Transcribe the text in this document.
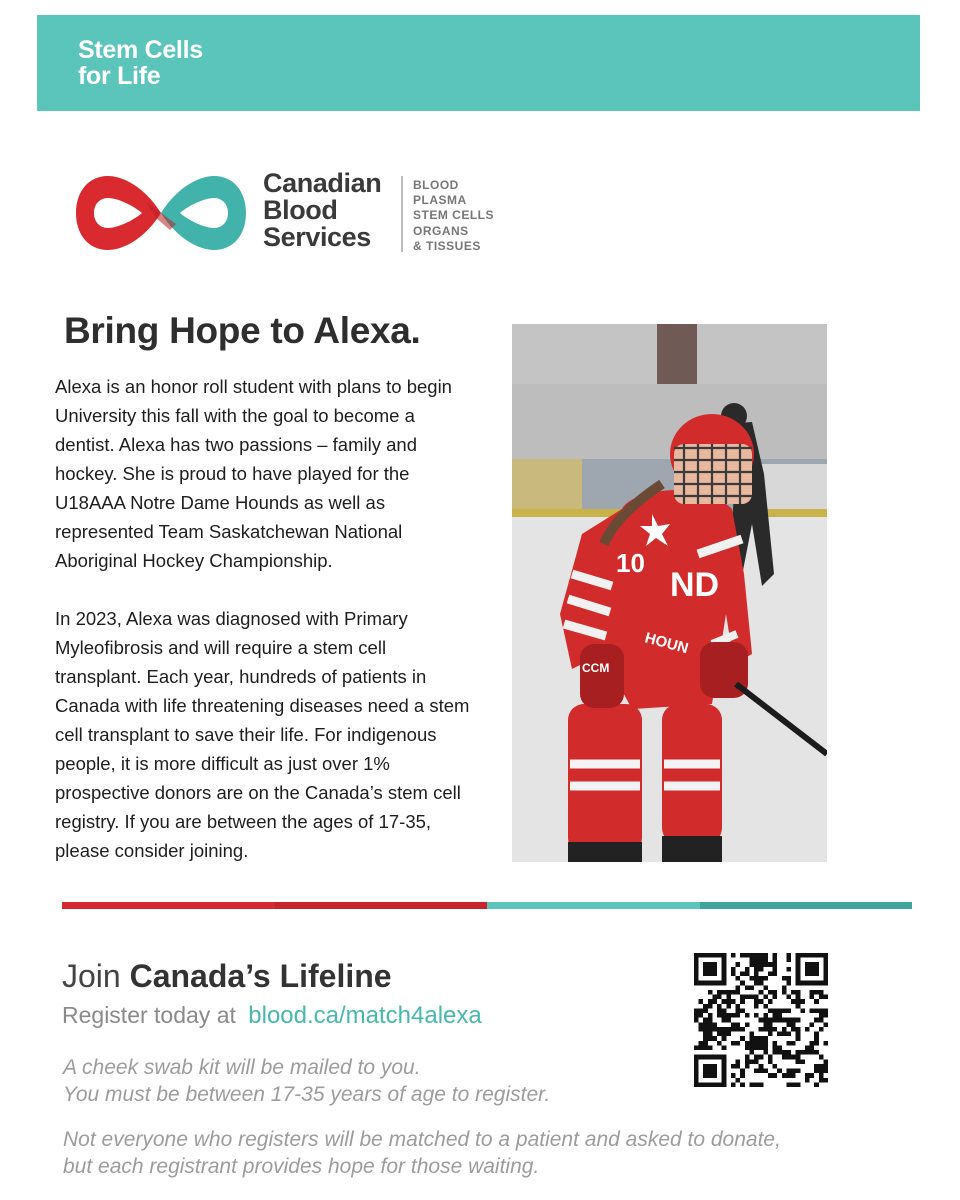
Stem Cells
for Life
Canadian
Blood
Services
BLOOD
PLASMA
STEM CELLS
ORGANS
& TISSUES
Bring Hope to Alexa.

Alexa is an honor roll student with plans to begin University this fall with the goal to become a dentist. Alexa has two passions – family and hockey. She is proud to have played for the U18AAA Notre Dame Hounds as well as represented Team Saskatchewan National Aboriginal Hockey Championship.

In 2023, Alexa was diagnosed with Primary Myleofibrosis and will require a stem cell transplant. Each year, hundreds of patients in Canada with life threatening diseases need a stem cell transplant to save their life. For indigenous people, it is more difficult as just over 1% prospective donors are on the Canada’s stem cell registry. If you are between the ages of 17-35, please consider joining.

10
ND
HOUN
CCM
Join Canada’s Lifeline
Register today at blood.ca/match4alexa
A cheek swab kit will be mailed to you.
You must be between 17-35 years of age to register.
Not everyone who registers will be matched to a patient and asked to donate,
but each registrant provides hope for those waiting.
